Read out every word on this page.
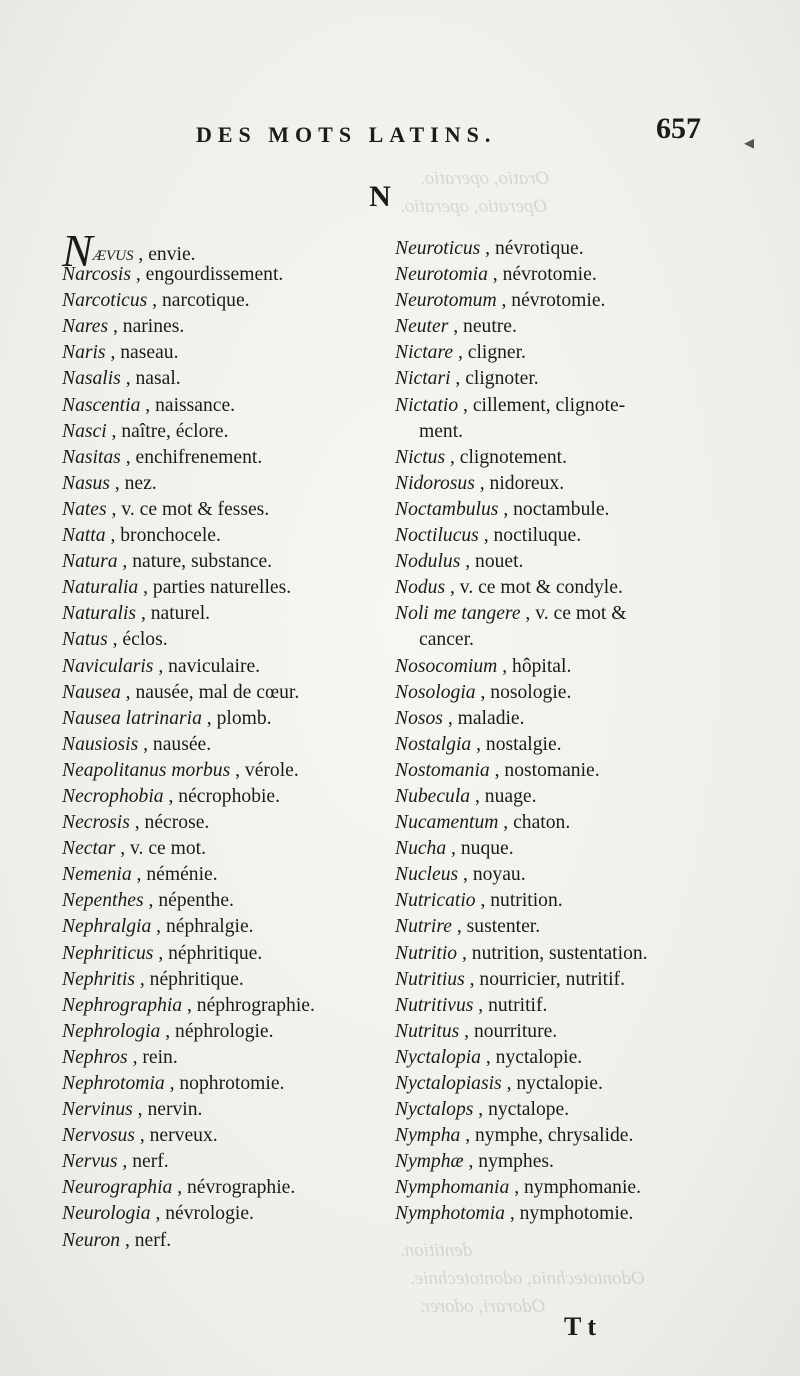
Oratio, operatio.
Operatio, operatio.
dentition.
Odontotechnia, odontotechnie.
Odorari, odorer.
DES MOTS LATINS.	657 ◂
N
NÆVUS , envie.
Narcosis , engourdissement.
Narcoticus , narcotique.
Nares , narines.
Naris , naseau.
Nasalis , nasal.
Nascentia , naissance.
Nasci , naître, éclore.
Nasitas , enchifrenement.
Nasus , nez.
Nates , v. ce mot & fesses.
Natta , bronchocele.
Natura , nature, substance.
Naturalia , parties naturelles.
Naturalis , naturel.
Natus , éclos.
Navicularis , naviculaire.
Nausea , nausée, mal de cœur.
Nausea latrinaria , plomb.
Nausiosis , nausée.
Neapolitanus morbus , vérole.
Necrophobia , nécrophobie.
Necrosis , nécrose.
Nectar , v. ce mot.
Nemenia , néménie.
Nepenthes , népenthe.
Nephralgia , néphralgie.
Nephriticus , néphritique.
Nephritis , néphritique.
Nephrographia , néphrographie.
Nephrologia , néphrologie.
Nephros , rein.
Nephrotomia , nophrotomie.
Nervinus , nervin.
Nervosus , nerveux.
Nervus , nerf.
Neurographia , névrographie.
Neurologia , névrologie.
Neuron , nerf.
Neuroticus , névrotique.
Neurotomia , névrotomie.
Neurotomum , névrotomie.
Neuter , neutre.
Nictare , cligner.
Nictari , clignoter.
Nictatio , cillement, clignote-
ment.
Nictus , clignotement.
Nidorosus , nidoreux.
Noctambulus , noctambule.
Noctilucus , noctiluque.
Nodulus , nouet.
Nodus , v. ce mot & condyle.
Noli me tangere , v. ce mot &
cancer.
Nosocomium , hôpital.
Nosologia , nosologie.
Nosos , maladie.
Nostalgia , nostalgie.
Nostomania , nostomanie.
Nubecula , nuage.
Nucamentum , chaton.
Nucha , nuque.
Nucleus , noyau.
Nutricatio , nutrition.
Nutrire , sustenter.
Nutritio , nutrition, sustentation.
Nutritius , nourricier, nutritif.
Nutritivus , nutritif.
Nutritus , nourriture.
Nyctalopia , nyctalopie.
Nyctalopiasis , nyctalopie.
Nyctalops , nyctalope.
Nympha , nymphe, chrysalide.
Nymphæ , nymphes.
Nymphomania , nymphomanie.
Nymphotomia , nymphotomie.
T t
